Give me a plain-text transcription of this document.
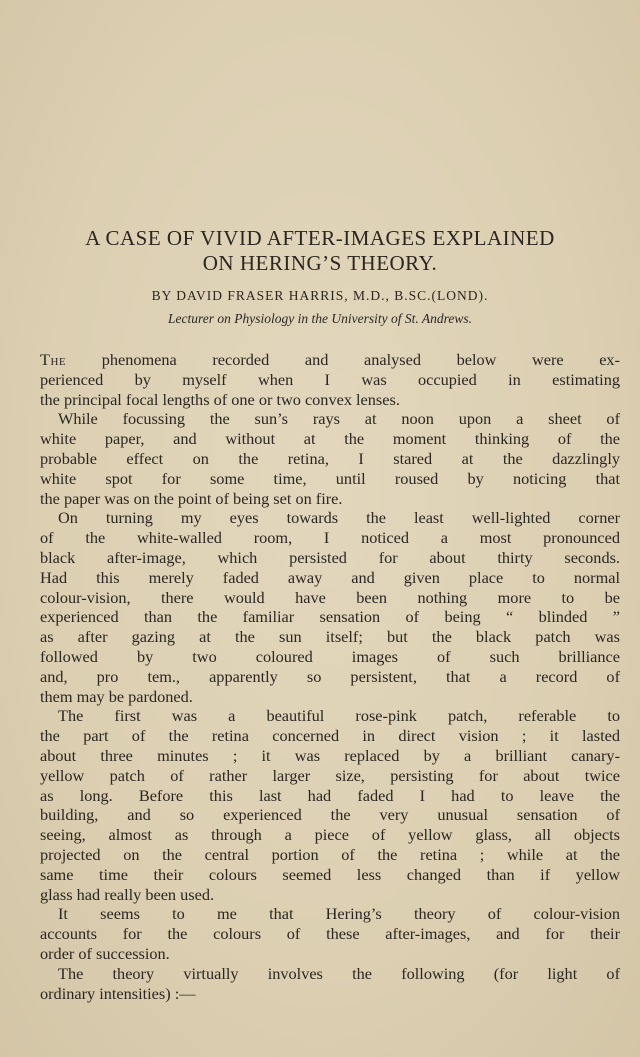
A CASE OF VIVID AFTER-IMAGES EXPLAINED
ON HERING’S THEORY.
BY DAVID FRASER HARRIS, M.D., B.SC.(LOND).
Lecturer on Physiology in the University of St. Andrews.
The phenomena recorded and analysed below were ex-
perienced by myself when I was occupied in estimating
the principal focal lengths of one or two convex lenses.
While focussing the sun’s rays at noon upon a sheet of
white paper, and without at the moment thinking of the
probable effect on the retina, I stared at the dazzlingly
white spot for some time, until roused by noticing that
the paper was on the point of being set on fire.
On turning my eyes towards the least well-lighted corner
of the white-walled room, I noticed a most pronounced
black after-image, which persisted for about thirty seconds.
Had this merely faded away and given place to normal
colour-vision, there would have been nothing more to be
experienced than the familiar sensation of being “ blinded ”
as after gazing at the sun itself; but the black patch was
followed by two coloured images of such brilliance
and, pro tem., apparently so persistent, that a record of
them may be pardoned.
The first was a beautiful rose-pink patch, referable to
the part of the retina concerned in direct vision ; it lasted
about three minutes ; it was replaced by a brilliant canary-
yellow patch of rather larger size, persisting for about twice
as long. Before this last had faded I had to leave the
building, and so experienced the very unusual sensation of
seeing, almost as through a piece of yellow glass, all objects
projected on the central portion of the retina ; while at the
same time their colours seemed less changed than if yellow
glass had really been used.
It seems to me that Hering’s theory of colour-vision
accounts for the colours of these after-images, and for their
order of succession.
The theory virtually involves the following (for light of
ordinary intensities) :—
